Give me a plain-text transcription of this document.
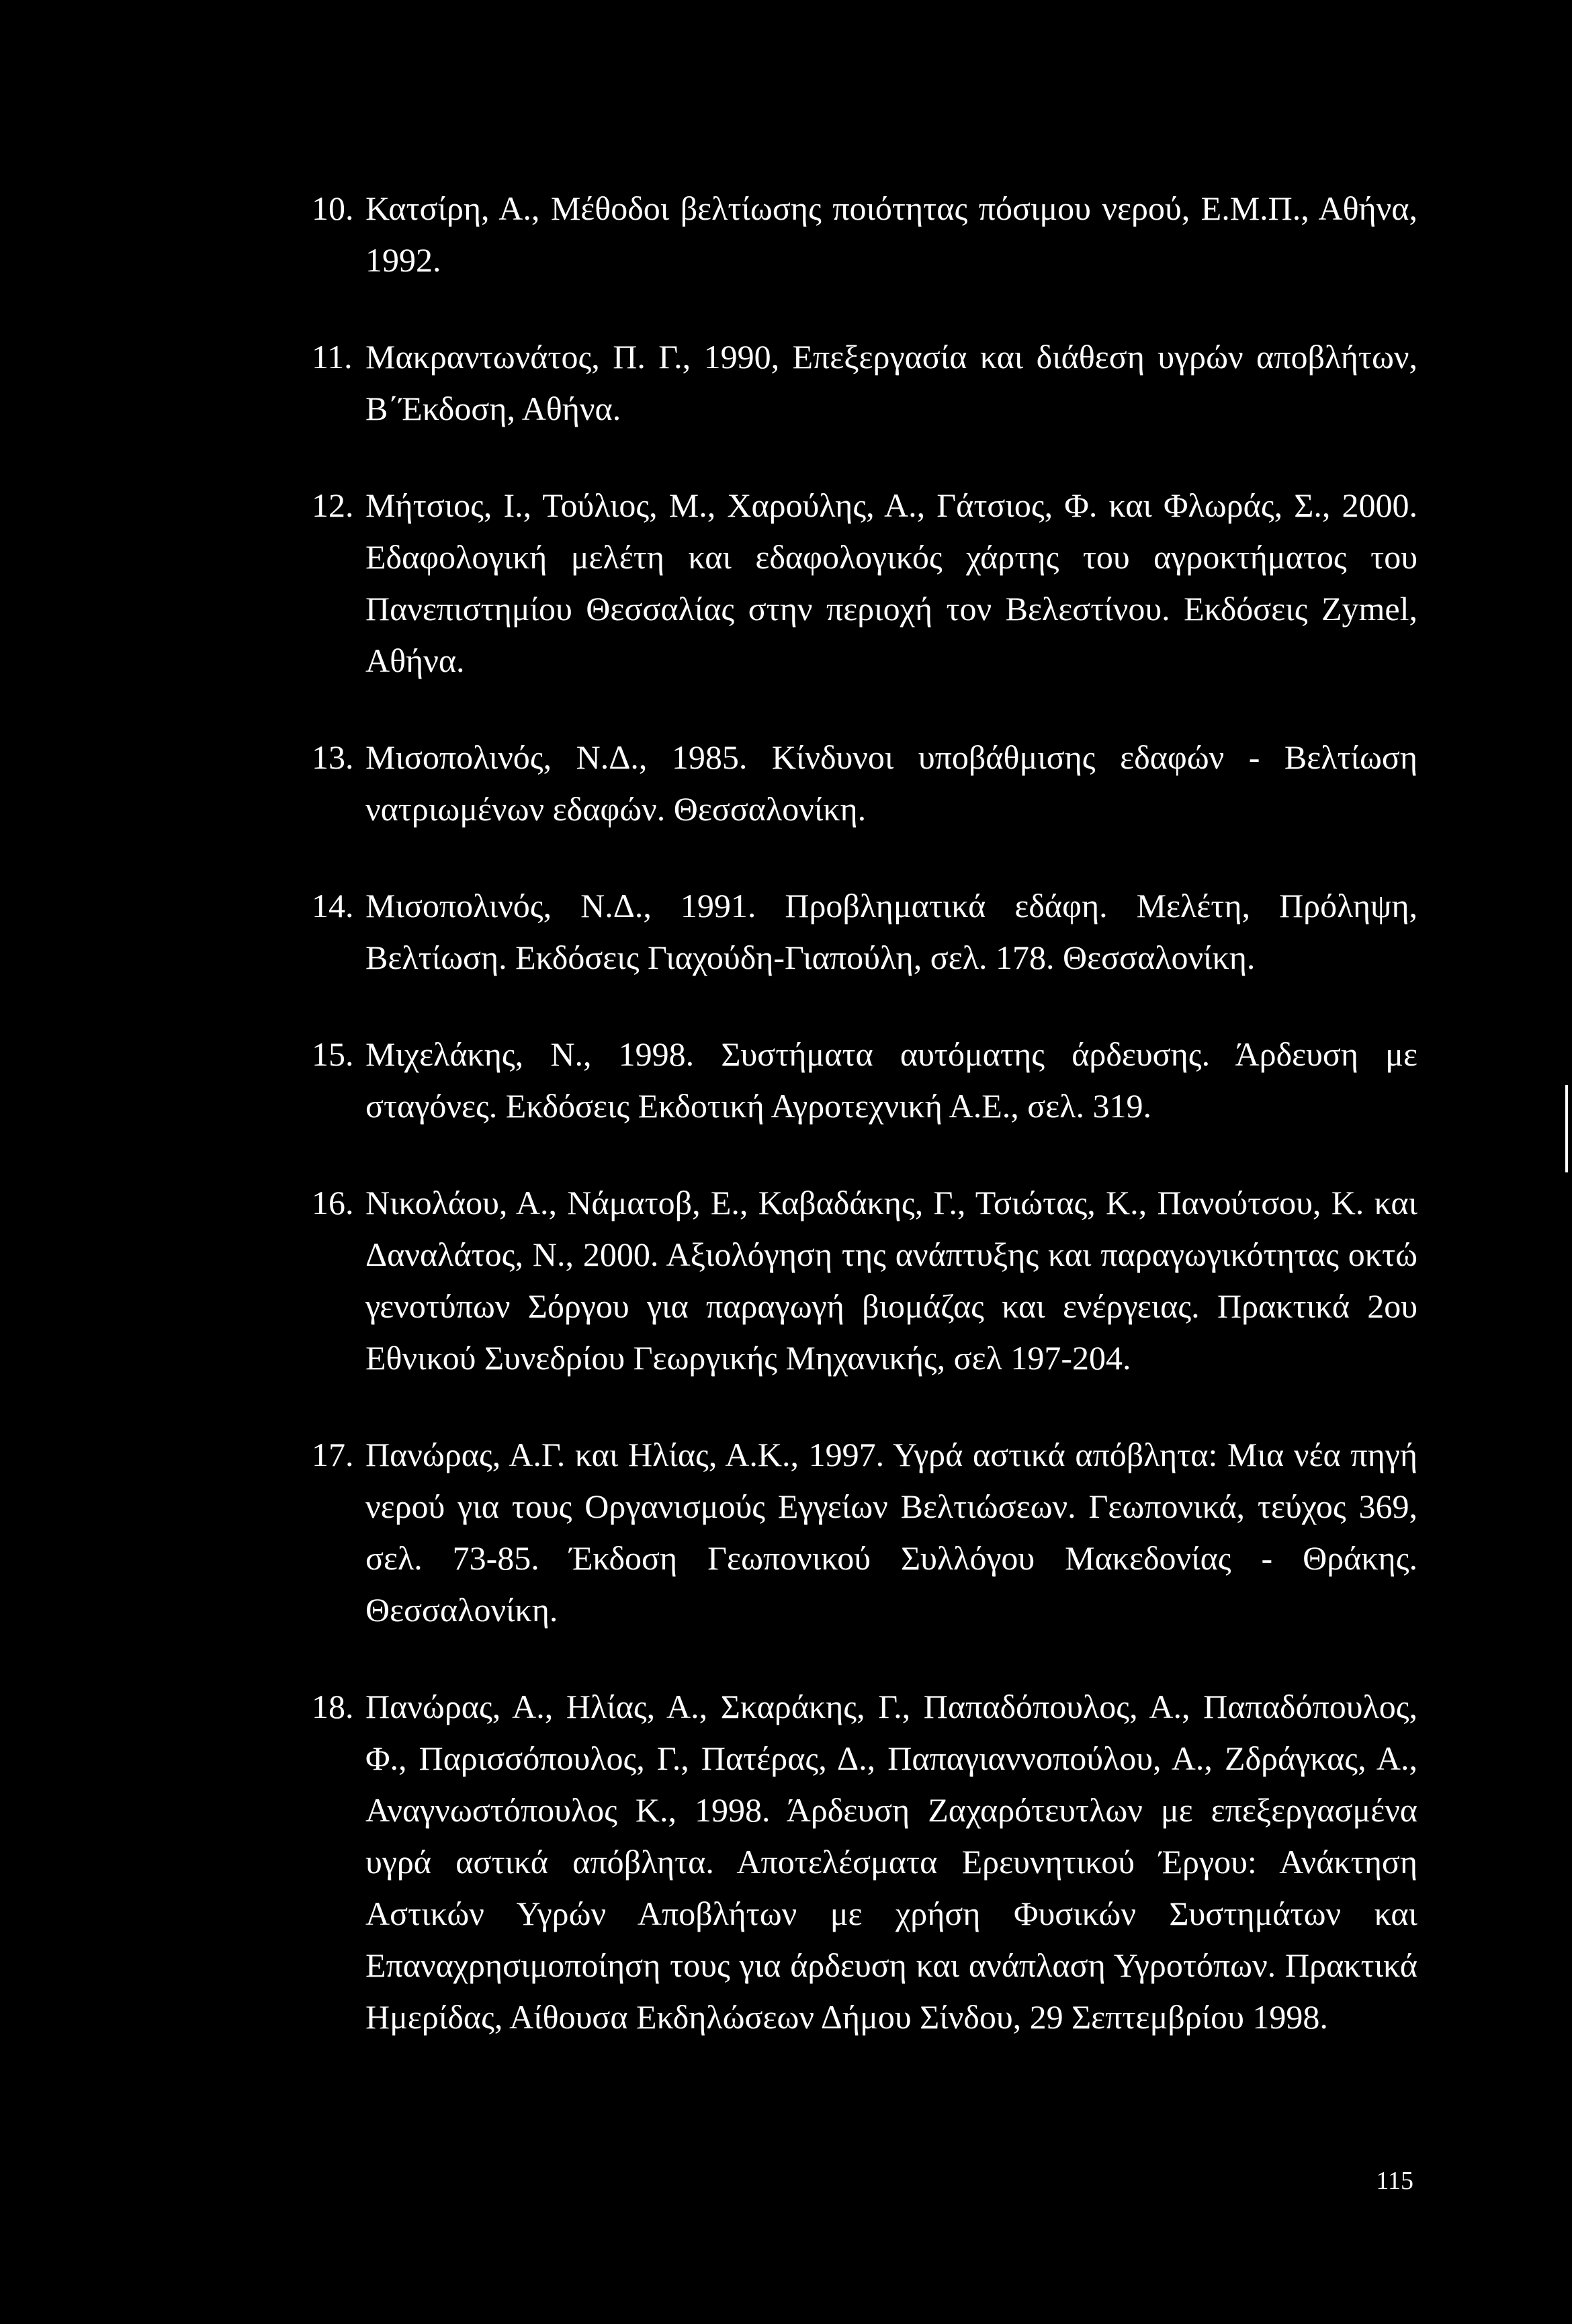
10. Κατσίρη, Α., Μέθοδοι βελτίωσης ποιότητας πόσιμου νερού, Ε.Μ.Π., Αθήνα, 1992.
11. Μακραντωνάτος, Π. Γ., 1990, Επεξεργασία και διάθεση υγρών αποβλήτων, Β΄Έκδοση, Αθήνα.
12. Μήτσιος, Ι., Τούλιος, Μ., Χαρούλης, Α., Γάτσιος, Φ. και Φλωράς, Σ., 2000. Εδαφολογική μελέτη και εδαφολογικός χάρτης του αγροκτήματος του Πανεπιστημίου Θεσσαλίας στην περιοχή τον Βελεστίνου. Εκδόσεις Zymel, Αθήνα.
13. Μισοπολινός, Ν.Δ., 1985. Κίνδυνοι υποβάθμισης εδαφών - Βελτίωση νατριωμένων εδαφών. Θεσσαλονίκη.
14. Μισοπολινός, Ν.Δ., 1991. Προβληματικά εδάφη. Μελέτη, Πρόληψη, Βελτίωση. Εκδόσεις Γιαχούδη-Γιαπούλη, σελ. 178. Θεσσαλονίκη.
15. Μιχελάκης, Ν., 1998. Συστήματα αυτόματης άρδευσης. Άρδευση με σταγόνες. Εκδόσεις Εκδοτική Αγροτεχνική Α.Ε., σελ. 319.
16. Νικολάου, Α., Νάματοβ, Ε., Καβαδάκης, Γ., Τσιώτας, Κ., Πανούτσου, Κ. και Δαναλάτος, Ν., 2000. Αξιολόγηση της ανάπτυξης και παραγωγικότητας οκτώ γενοτύπων Σόργου για παραγωγή βιομάζας και ενέργειας. Πρακτικά 2ου Εθνικού Συνεδρίου Γεωργικής Μηχανικής, σελ 197-204.
17. Πανώρας, Α.Γ. και Ηλίας, Α.Κ., 1997. Υγρά αστικά απόβλητα: Μια νέα πηγή νερού για τους Οργανισμούς Εγγείων Βελτιώσεων. Γεωπονικά, τεύχος 369, σελ. 73-85. Έκδοση Γεωπονικού Συλλόγου Μακεδονίας - Θράκης. Θεσσαλονίκη.
18. Πανώρας, Α., Ηλίας, Α., Σκαράκης, Γ., Παπαδόπουλος, Α., Παπαδόπουλος, Φ., Παρισσόπουλος, Γ., Πατέρας, Δ., Παπαγιαννοπούλου, Α., Ζδράγκας, Α., Αναγνωστόπουλος Κ., 1998. Άρδευση Ζαχαρότευτλων με επεξεργασμένα υγρά αστικά απόβλητα. Αποτελέσματα Ερευνητικού Έργου: Ανάκτηση Αστικών Υγρών Αποβλήτων με χρήση Φυσικών Συστημάτων και Επαναχρησιμοποίηση τους για άρδευση και ανάπλαση Υγροτόπων. Πρακτικά Ημερίδας, Αίθουσα Εκδηλώσεων Δήμου Σίνδου, 29 Σεπτεμβρίου 1998.
115
